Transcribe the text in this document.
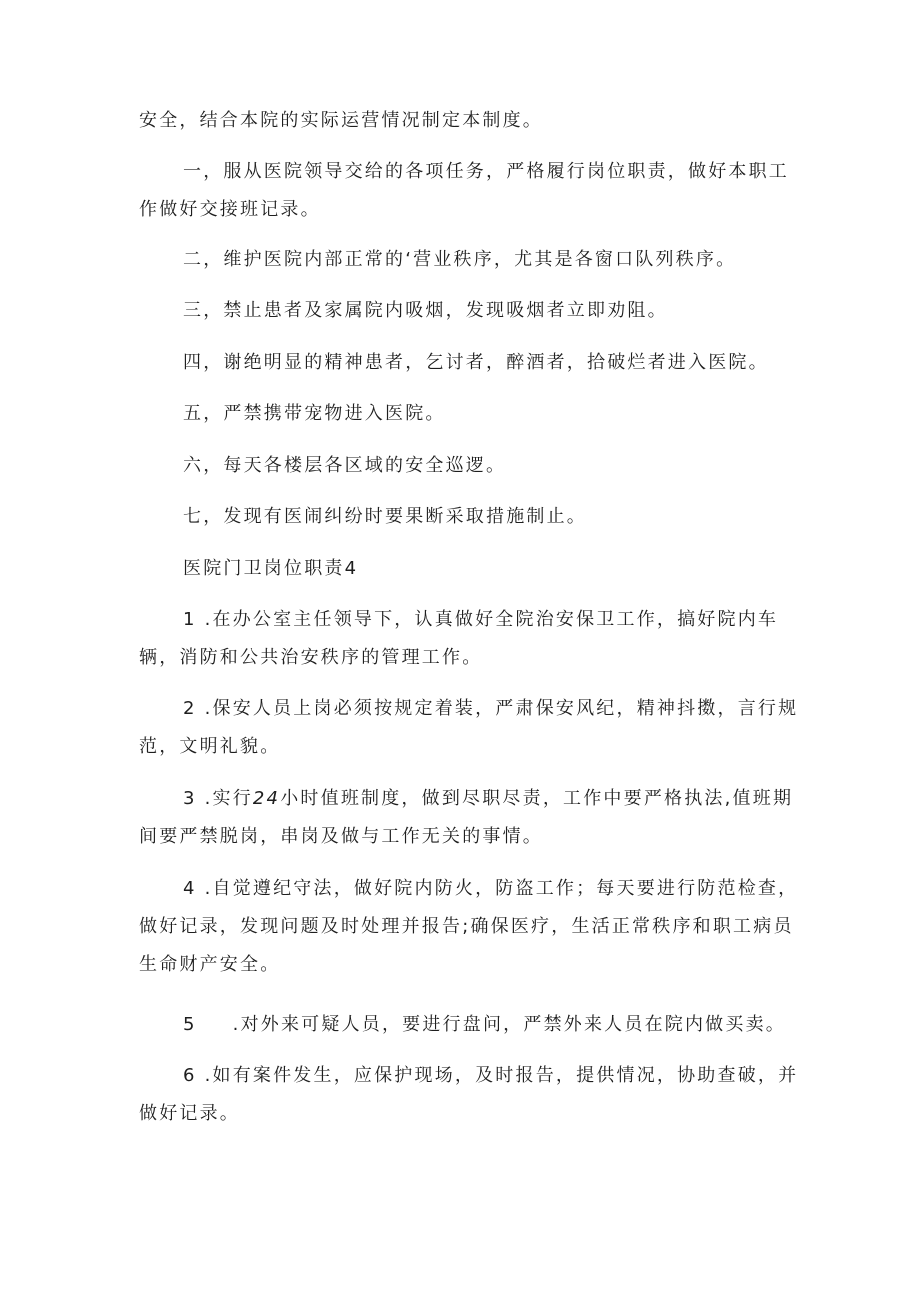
安全，结合本院的实际运营情况制定本制度。

一，服从医院领导交给的各项任务，严格履行岗位职责，做好本职工作做好交接班记录。

二，维护医院内部正常的‘营业秩序，尤其是各窗口队列秩序。

三，禁止患者及家属院内吸烟，发现吸烟者立即劝阻。

四，谢绝明显的精神患者，乞讨者，醉酒者，拾破烂者进入医院。

五，严禁携带宠物进入医院。

六，每天各楼层各区域的安全巡逻。

七，发现有医闹纠纷时要果断采取措施制止。

医院门卫岗位职责4

1 .在办公室主任领导下，认真做好全院治安保卫工作，搞好院内车辆，消防和公共治安秩序的管理工作。

2 .保安人员上岗必须按规定着装，严肃保安风纪，精神抖擞，言行规范，文明礼貌。

3 .实行24小时值班制度，做到尽职尽责，工作中要严格执法,值班期间要严禁脱岗，串岗及做与工作无关的事情。

4 .自觉遵纪守法，做好院内防火，防盗工作；每天要进行防范检查，做好记录，发现问题及时处理并报告;确保医疗，生活正常秩序和职工病员生命财产安全。

5 .对外来可疑人员，要进行盘问，严禁外来人员在院内做买卖。

6 .如有案件发生，应保护现场，及时报告，提供情况，协助查破，并做好记录。
